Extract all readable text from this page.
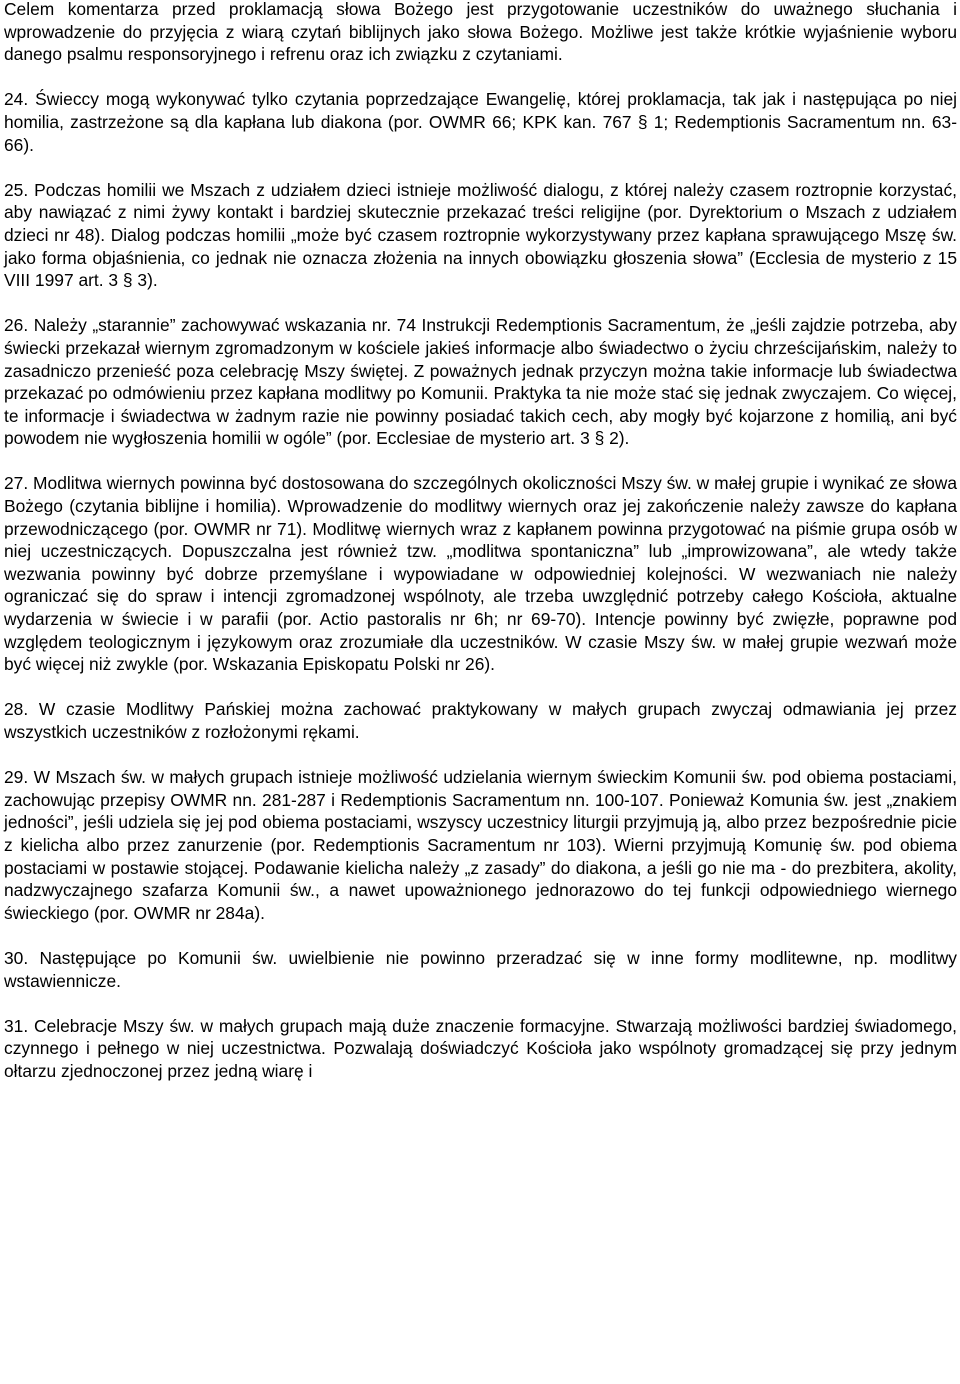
Celem komentarza przed proklamacją słowa Bożego jest przygotowanie uczestników do uważnego słuchania i wprowadzenie do przyjęcia z wiarą czytań biblijnych jako słowa Bożego. Możliwe jest także krótkie wyjaśnienie wyboru danego psalmu responsoryjnego i refrenu oraz ich związku z czytaniami.

24. Świeccy mogą wykonywać tylko czytania poprzedzające Ewangelię, której proklamacja, tak jak i następująca po niej homilia, zastrzeżone są dla kapłana lub diakona (por. OWMR 66; KPK kan. 767 § 1; Redemptionis Sacramentum nn. 63-66).

25. Podczas homilii we Mszach z udziałem dzieci istnieje możliwość dialogu, z której należy czasem roztropnie korzystać, aby nawiązać z nimi żywy kontakt i bardziej skutecznie przekazać treści religijne (por. Dyrektorium o Mszach z udziałem dzieci nr 48). Dialog podczas homilii „może być czasem roztropnie wykorzystywany przez kapłana sprawującego Mszę św. jako forma objaśnienia, co jednak nie oznacza złożenia na innych obowiązku głoszenia słowa” (Ecclesia de mysterio z 15 VIII 1997 art. 3 § 3).

26. Należy „starannie” zachowywać wskazania nr. 74 Instrukcji Redemptionis Sacramentum, że „jeśli zajdzie potrzeba, aby świecki przekazał wiernym zgromadzonym w kościele jakieś informacje albo świadectwo o życiu chrześcijańskim, należy to zasadniczo przenieść poza celebrację Mszy świętej. Z poważnych jednak przyczyn można takie informacje lub świadectwa przekazać po odmówieniu przez kapłana modlitwy po Komunii. Praktyka ta nie może stać się jednak zwyczajem. Co więcej, te informacje i świadectwa w żadnym razie nie powinny posiadać takich cech, aby mogły być kojarzone z homilią, ani być powodem nie wygłoszenia homilii w ogóle” (por. Ecclesiae de mysterio art. 3 § 2).

27. Modlitwa wiernych powinna być dostosowana do szczególnych okoliczności Mszy św. w małej grupie i wynikać ze słowa Bożego (czytania biblijne i homilia). Wprowadzenie do modlitwy wiernych oraz jej zakończenie należy zawsze do kapłana przewodniczącego (por. OWMR nr 71). Modlitwę wiernych wraz z kapłanem powinna przygotować na piśmie grupa osób w niej uczestniczących. Dopuszczalna jest również tzw. „modlitwa spontaniczna” lub „improwizowana”, ale wtedy także wezwania powinny być dobrze przemyślane i wypowiadane w odpowiedniej kolejności. W wezwaniach nie należy ograniczać się do spraw i intencji zgromadzonej wspólnoty, ale trzeba uwzględnić potrzeby całego Kościoła, aktualne wydarzenia w świecie i w parafii (por. Actio pastoralis nr 6h; nr 69-70). Intencje powinny być zwięzłe, poprawne pod względem teologicznym i językowym oraz zrozumiałe dla uczestników. W czasie Mszy św. w małej grupie wezwań może być więcej niż zwykle (por. Wskazania Episkopatu Polski nr 26).

28. W czasie Modlitwy Pańskiej można zachować praktykowany w małych grupach zwyczaj odmawiania jej przez wszystkich uczestników z rozłożonymi rękami.

29. W Mszach św. w małych grupach istnieje możliwość udzielania wiernym świeckim Komunii św. pod obiema postaciami, zachowując przepisy OWMR nn. 281-287 i Redemptionis Sacramentum nn. 100-107. Ponieważ Komunia św. jest „znakiem jedności”, jeśli udziela się jej pod obiema postaciami, wszyscy uczestnicy liturgii przyjmują ją, albo przez bezpośrednie picie z kielicha albo przez zanurzenie (por. Redemptionis Sacramentum nr 103). Wierni przyjmują Komunię św. pod obiema postaciami w postawie stojącej. Podawanie kielicha należy „z zasady” do diakona, a jeśli go nie ma - do prezbitera, akolity, nadzwyczajnego szafarza Komunii św., a nawet upoważnionego jednorazowo do tej funkcji odpowiedniego wiernego świeckiego (por. OWMR nr 284a).

30. Następujące po Komunii św. uwielbienie nie powinno przeradzać się w inne formy modlitewne, np. modlitwy wstawiennicze.

31. Celebracje Mszy św. w małych grupach mają duże znaczenie formacyjne. Stwarzają możliwości bardziej świadomego, czynnego i pełnego w niej uczestnictwa. Pozwalają doświadczyć Kościoła jako wspólnoty gromadzącej się przy jednym ołtarzu zjednoczonej przez jedną wiarę i
